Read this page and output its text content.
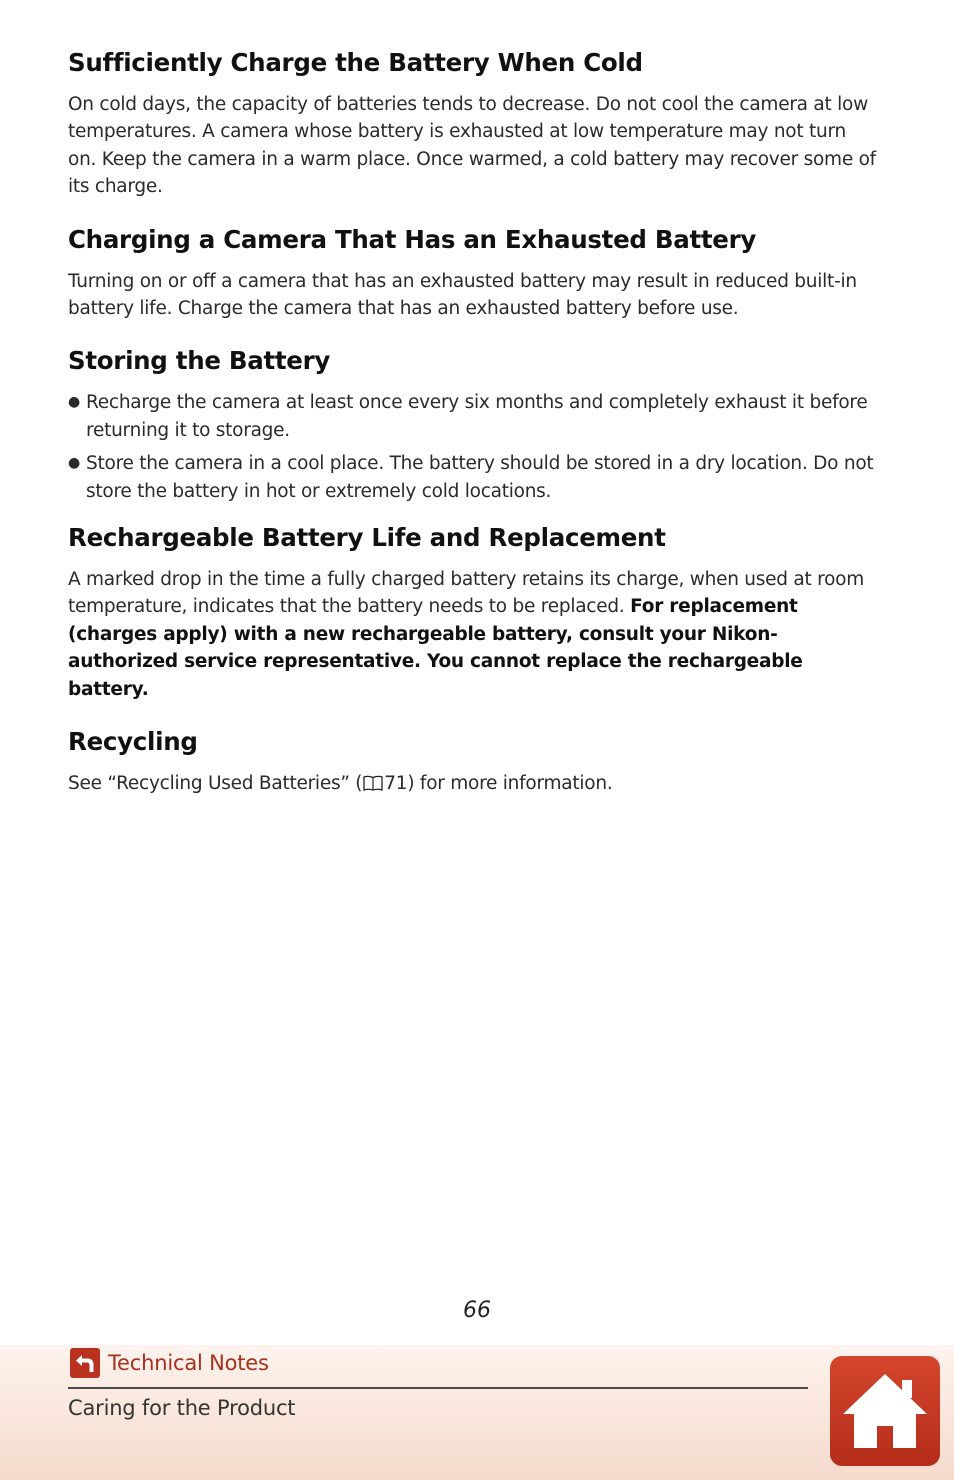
Sufficiently Charge the Battery When Cold

On cold days, the capacity of batteries tends to decrease. Do not cool the camera at low temperatures. A camera whose battery is exhausted at low temperature may not turn on. Keep the camera in a warm place. Once warmed, a cold battery may recover some of its charge.

Charging a Camera That Has an Exhausted Battery

Turning on or off a camera that has an exhausted battery may result in reduced built-in battery life. Charge the camera that has an exhausted battery before use.

Storing the Battery
● Recharge the camera at least once every six months and completely exhaust it before returning it to storage.
● Store the camera in a cool place. The battery should be stored in a dry location. Do not store the battery in hot or extremely cold locations.
Rechargeable Battery Life and Replacement

A marked drop in the time a fully charged battery retains its charge, when used at room temperature, indicates that the battery needs to be replaced. For replacement (charges apply) with a new rechargeable battery, consult your Nikon-authorized service representative. You cannot replace the rechargeable battery.

Recycling

See “Recycling Used Batteries” ( 71) for more information.

66
Technical Notes
Caring for the Product
